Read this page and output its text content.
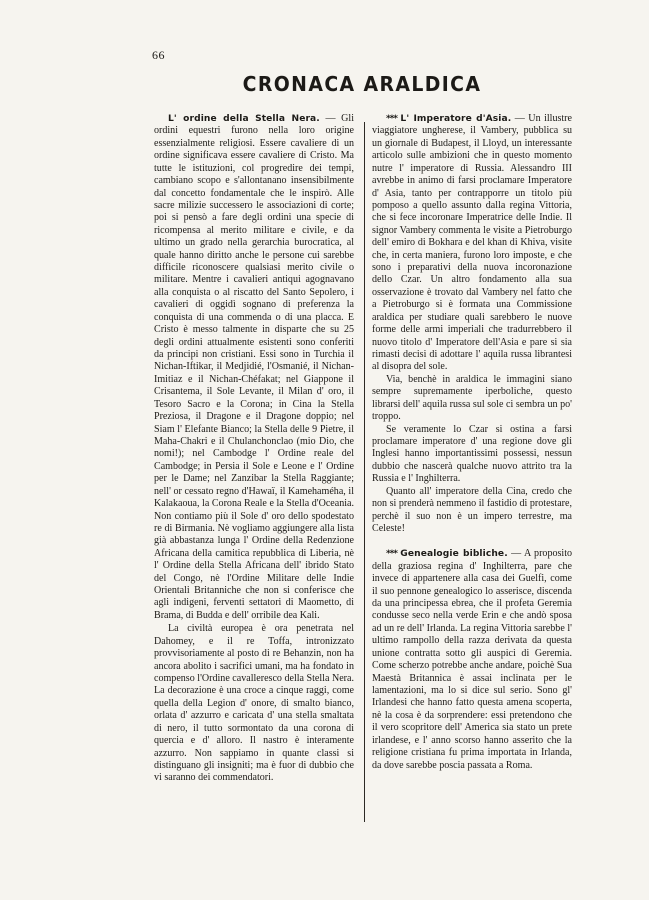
66
CRONACA ARALDICA

L' ordine della Stella Nera. — Gli ordini equestri furono nella loro origine essenzialmente religiosi. Essere cavaliere di un ordine significava essere cavaliere di Cristo. Ma tutte le istituzioni, col progredire dei tempi, cambiano scopo e s'allontanano insensibilmente dal concetto fondamentale che le inspirò. Alle sacre milizie successero le associazioni di corte; poi si pensò a fare degli ordini una specie di ricompensa al merito militare e civile, e da ultimo un grado nella gerarchia burocratica, al quale hanno diritto anche le persone cui sarebbe difficile riconoscere qualsiasi merito civile o militare. Mentre i cavalieri antiqui agognavano alla conquista o al riscatto del Santo Sepolero, i cavalieri di oggidì sognano di preferenza la conquista di una commenda o di una placca. E Cristo è messo talmente in disparte che su 25 degli ordini attualmente esistenti sono conferiti da principi non cristiani. Essi sono in Turchia il Nichan-Iftikar, il Medjidié, l'Osmanié, il Nichan-Imitiaz e il Nichan-Chéfakat; nel Giappone il Crisantema, il Sole Levante, il Milan d' oro, il Tesoro Sacro e la Corona; in Cina la Stella Preziosa, il Dragone e il Dragone doppio; nel Siam l' Elefante Bianco; la Stella delle 9 Pietre, il Maha-Chakri e il Chulanchonclao (mio Dio, che nomi!); nel Cambodge l' Ordine reale del Cambodge; in Persia il Sole e Leone e l' Ordine per le Dame; nel Zanzibar la Stella Raggiante; nell' or cessato regno d'Hawaï, il Kamehaméha, il Kalakaoua, la Corona Reale e la Stella d'Oceania. Non contiamo più il Sole d' oro dello spodestato re di Birmania. Nè vogliamo aggiungere alla lista già abbastanza lunga l' Ordine della Redenzione Africana della camitica repubblica di Liberia, nè l' Ordine della Stella Africana dell' ibrido Stato del Congo, nè l'Ordine Militare delle Indie Orientali Britanniche che non si conferisce che agli indigeni, ferventi settatori di Maometto, di Brama, di Budda e dell' orribile dea Kali.

La civiltà europea è ora penetrata nel Dahomey, e il re Toffa, intronizzato provvisoriamente al posto di re Behanzin, non ha ancora abolito i sacrifici umani, ma ha fondato in compenso l'Ordine cavalleresco della Stella Nera. La decorazione è una croce a cinque raggi, come quella della Legion d' onore, di smalto bianco, orlata d' azzurro e caricata d' una stella smaltata di nero, il tutto sormontato da una corona di quercia e d' alloro. Il nastro è interamente azzurro. Non sappiamo in quante classi si distinguano gli insigniti; ma è fuor di dubbio che vi saranno dei commendatori.

* * * L' Imperatore d'Asia. — Un illustre viaggiatore ungherese, il Vambery, pubblica su un giornale di Budapest, il Lloyd, un interessante articolo sulle ambizioni che in questo momento nutre l' imperatore di Russia. Alessandro III avrebbe in animo di farsi proclamare Imperatore d' Asia, tanto per contrapporre un titolo più pomposo a quello assunto dalla regina Vittoria, che si fece incoronare Imperatrice delle Indie. Il signor Vambery commenta le visite a Pietroburgo dell' emiro di Bokhara e del khan di Khiva, visite che, in certa maniera, furono loro imposte, e che sono i preparativi della nuova incoronazione dello Czar. Un altro fondamento alla sua osservazione è trovato dal Vambery nel fatto che a Pietroburgo si è formata una Commissione araldica per studiare quali sarebbero le nuove forme delle armi imperiali che tradurrebbero il nuovo titolo d' Imperatore dell'Asia e pare si sia rimasti decisi di adottare l' aquila russa librantesi al disopra del sole.

Via, benchè in araldica le immagini siano sempre supremamente iperboliche, questo librarsi dell' aquila russa sul sole ci sembra un po' troppo.

Se veramente lo Czar si ostina a farsi proclamare imperatore d' una regione dove gli Inglesi hanno importantissimi possessi, nessun dubbio che nascerà qualche nuovo attrito tra la Russia e l' Inghilterra.

Quanto all' imperatore della Cina, credo che non si prenderà nemmeno il fastidio di protestare, perchè il suo non è un impero terrestre, ma Celeste!

* * * Genealogie bibliche. — A proposito della graziosa regina d' Inghilterra, pare che invece di appartenere alla casa dei Guelfi, come il suo pennone genealogico lo asserisce, discenda da una principessa ebrea, che il profeta Geremia condusse seco nella verde Erin e che andò sposa ad un re dell' Irlanda. La regina Vittoria sarebbe l' ultimo rampollo della razza derivata da questa unione contratta sotto gli auspici di Geremia. Come scherzo potrebbe anche andare, poichè Sua Maestà Britannica è assai inclinata per le lamentazioni, ma lo si dice sul serio. Sono gl' Irlandesi che hanno fatto questa amena scoperta, nè la cosa è da sorprendere: essi pretendono che il vero scopritore dell' America sia stato un prete irlandese, e l' anno scorso hanno asserito che la religione cristiana fu prima importata in Irlanda, da dove sarebbe poscia passata a Roma.
